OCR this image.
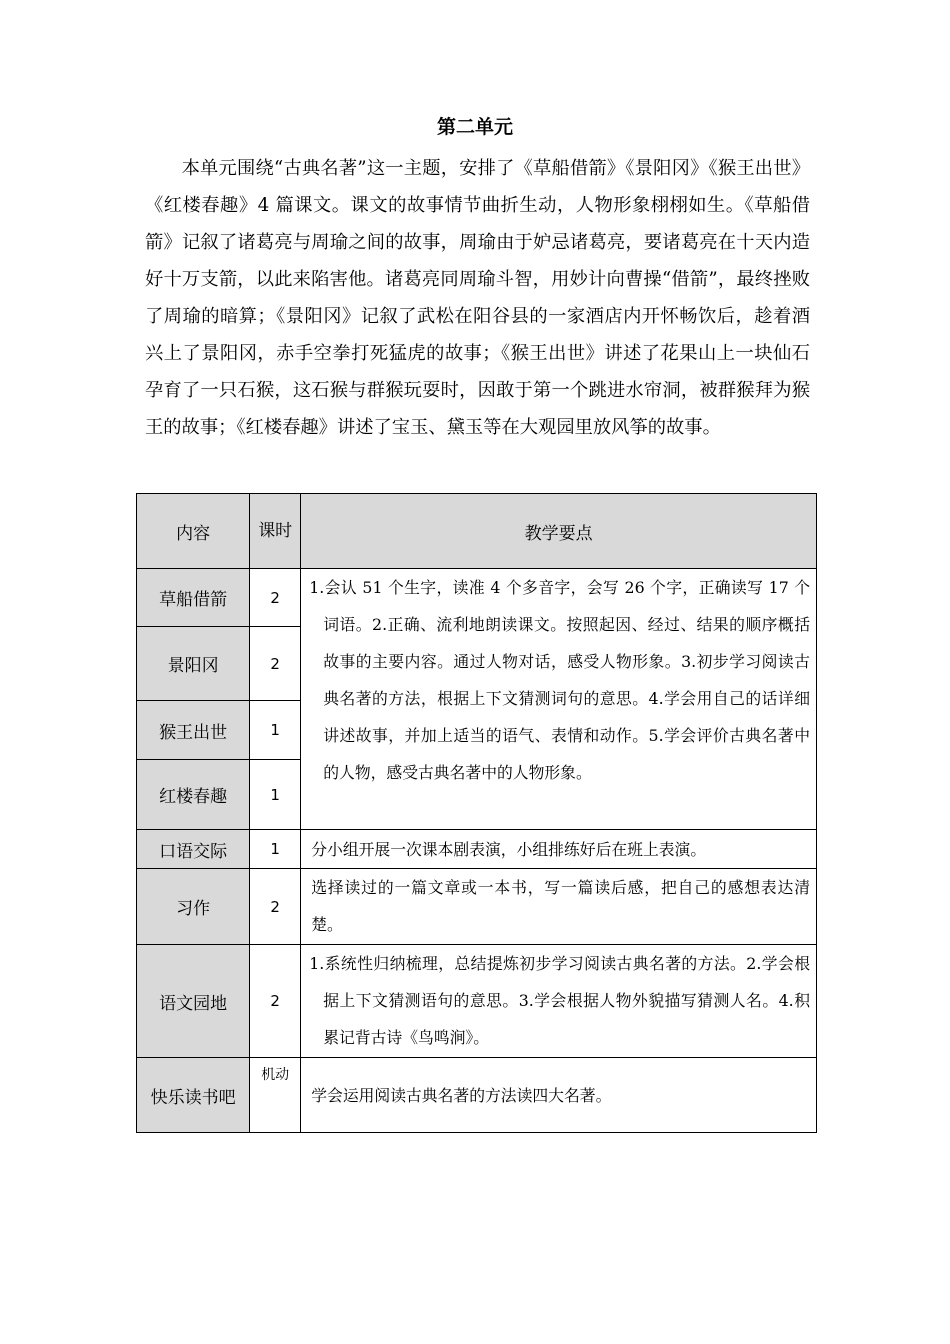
第二单元

本单元围绕“古典名著”这一主题，安排了《草船借箭》《景阳冈》《猴王出世》《红楼春趣》4 篇课文。课文的故事情节曲折生动，人物形象栩栩如生。《草船借箭》记叙了诸葛亮与周瑜之间的故事，周瑜由于妒忌诸葛亮，要诸葛亮在十天内造好十万支箭，以此来陷害他。诸葛亮同周瑜斗智，用妙计向曹操“借箭”，最终挫败了周瑜的暗算；《景阳冈》记叙了武松在阳谷县的一家酒店内开怀畅饮后，趁着酒兴上了景阳冈，赤手空拳打死猛虎的故事；《猴王出世》讲述了花果山上一块仙石孕育了一只石猴，这石猴与群猴玩耍时，因敢于第一个跳进水帘洞，被群猴拜为猴王的故事；《红楼春趣》讲述了宝玉、黛玉等在大观园里放风筝的故事。

内容	课时	教学要点
草船借箭	2	1.会认 51 个生字，读准 4 个多音字，会写 26 个字，正确读写 17 个词语。2.正确、流利地朗读课文。按照起因、经过、结果的顺序概括故事的主要内容。通过人物对话，感受人物形象。3.初步学习阅读古典名著的方法，根据上下文猜测词句的意思。4.学会用自己的话详细讲述故事，并加上适当的语气、表情和动作。5.学会评价古典名著中的人物，感受古典名著中的人物形象。

景阳冈	2	
猴王出世	1	
红楼春趣	1	
口语交际	1	分小组开展一次课本剧表演，小组排练好后在班上表演。

习作	2	选择读过的一篇文章或一本书，写一篇读后感，把自己的感想表达清楚。

语文园地	2	1.系统性归纳梳理，总结提炼初步学习阅读古典名著的方法。2.学会根据上下文猜测语句的意思。3.学会根据人物外貌描写猜测人名。4.积累记背古诗《鸟鸣涧》。

快乐读书吧	机动	学会运用阅读古典名著的方法读四大名著。
